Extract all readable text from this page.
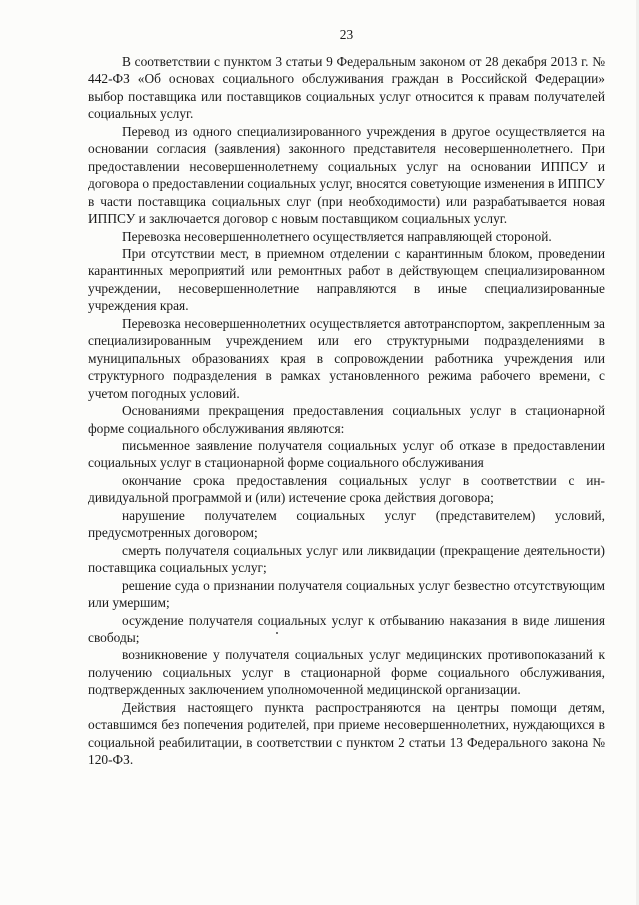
23

В соответствии с пунктом 3 статьи 9 Федеральным законом от 28 декабря 2013 г. № 442-ФЗ «Об основах социального обслуживания граждан в Российской Федерации» выбор поставщика или поставщиков социальных услуг относится к правам получателей социальных услуг.

Перевод из одного специализированного учреждения в другое осуществляется на основании согласия (заявления) законного представителя несовершеннолетнего. При предоставлении несовершеннолетнему социальных услуг на основании ИППСУ и договора о предоставлении социальных услуг, вносятся советующие изменения в ИППСУ в части поставщика социальных слуг (при необходимости) или разрабатывается новая ИППСУ и заключается договор с новым поставщиком социальных услуг.

Перевозка несовершеннолетнего осуществляется направляющей стороной.

При отсутствии мест, в приемном отделении с карантинным блоком, проведении карантинных мероприятий или ремонтных работ в действующем специализированном учреждении, несовершеннолетние направляются в иные специализированные учреждения края.

Перевозка несовершеннолетних осуществляется автотранспортом, закрепленным за специализированным учреждением или его структурными подразделениями в муниципальных образованиях края в сопровождении работника учреждения или структурного подразделения в рамках установленного режима рабочего времени, с учетом погодных условий.

Основаниями прекращения предоставления социальных услуг в стационарной форме социального обслуживания являются:

письменное заявление получателя социальных услуг об отказе в предоставлении социальных услуг в стационарной форме социального обслуживания

окончание срока предоставления социальных услуг в соответствии с индивидуальной программой и (или) истечение срока действия договора;

нарушение получателем социальных услуг (представителем) условий, предусмотренных договором;

смерть получателя социальных услуг или ликвидации (прекращение деятельности) поставщика социальных услуг;

решение суда о признании получателя социальных услуг безвестно отсутствующим или умершим;

осуждение получателя социальных услуг к отбыванию наказания в виде лишения свободы;

возникновение у получателя социальных услуг медицинских противопоказаний к получению социальных услуг в стационарной форме социального обслуживания, подтвержденных заключением уполномоченной медицинской организации.

Действия настоящего пункта распространяются на центры помощи детям, оставшимся без попечения родителей, при приеме несовершеннолетних, нуждающихся в социальной реабилитации, в соответствии с пунктом 2 статьи 13 Федерального закона № 120-ФЗ.
